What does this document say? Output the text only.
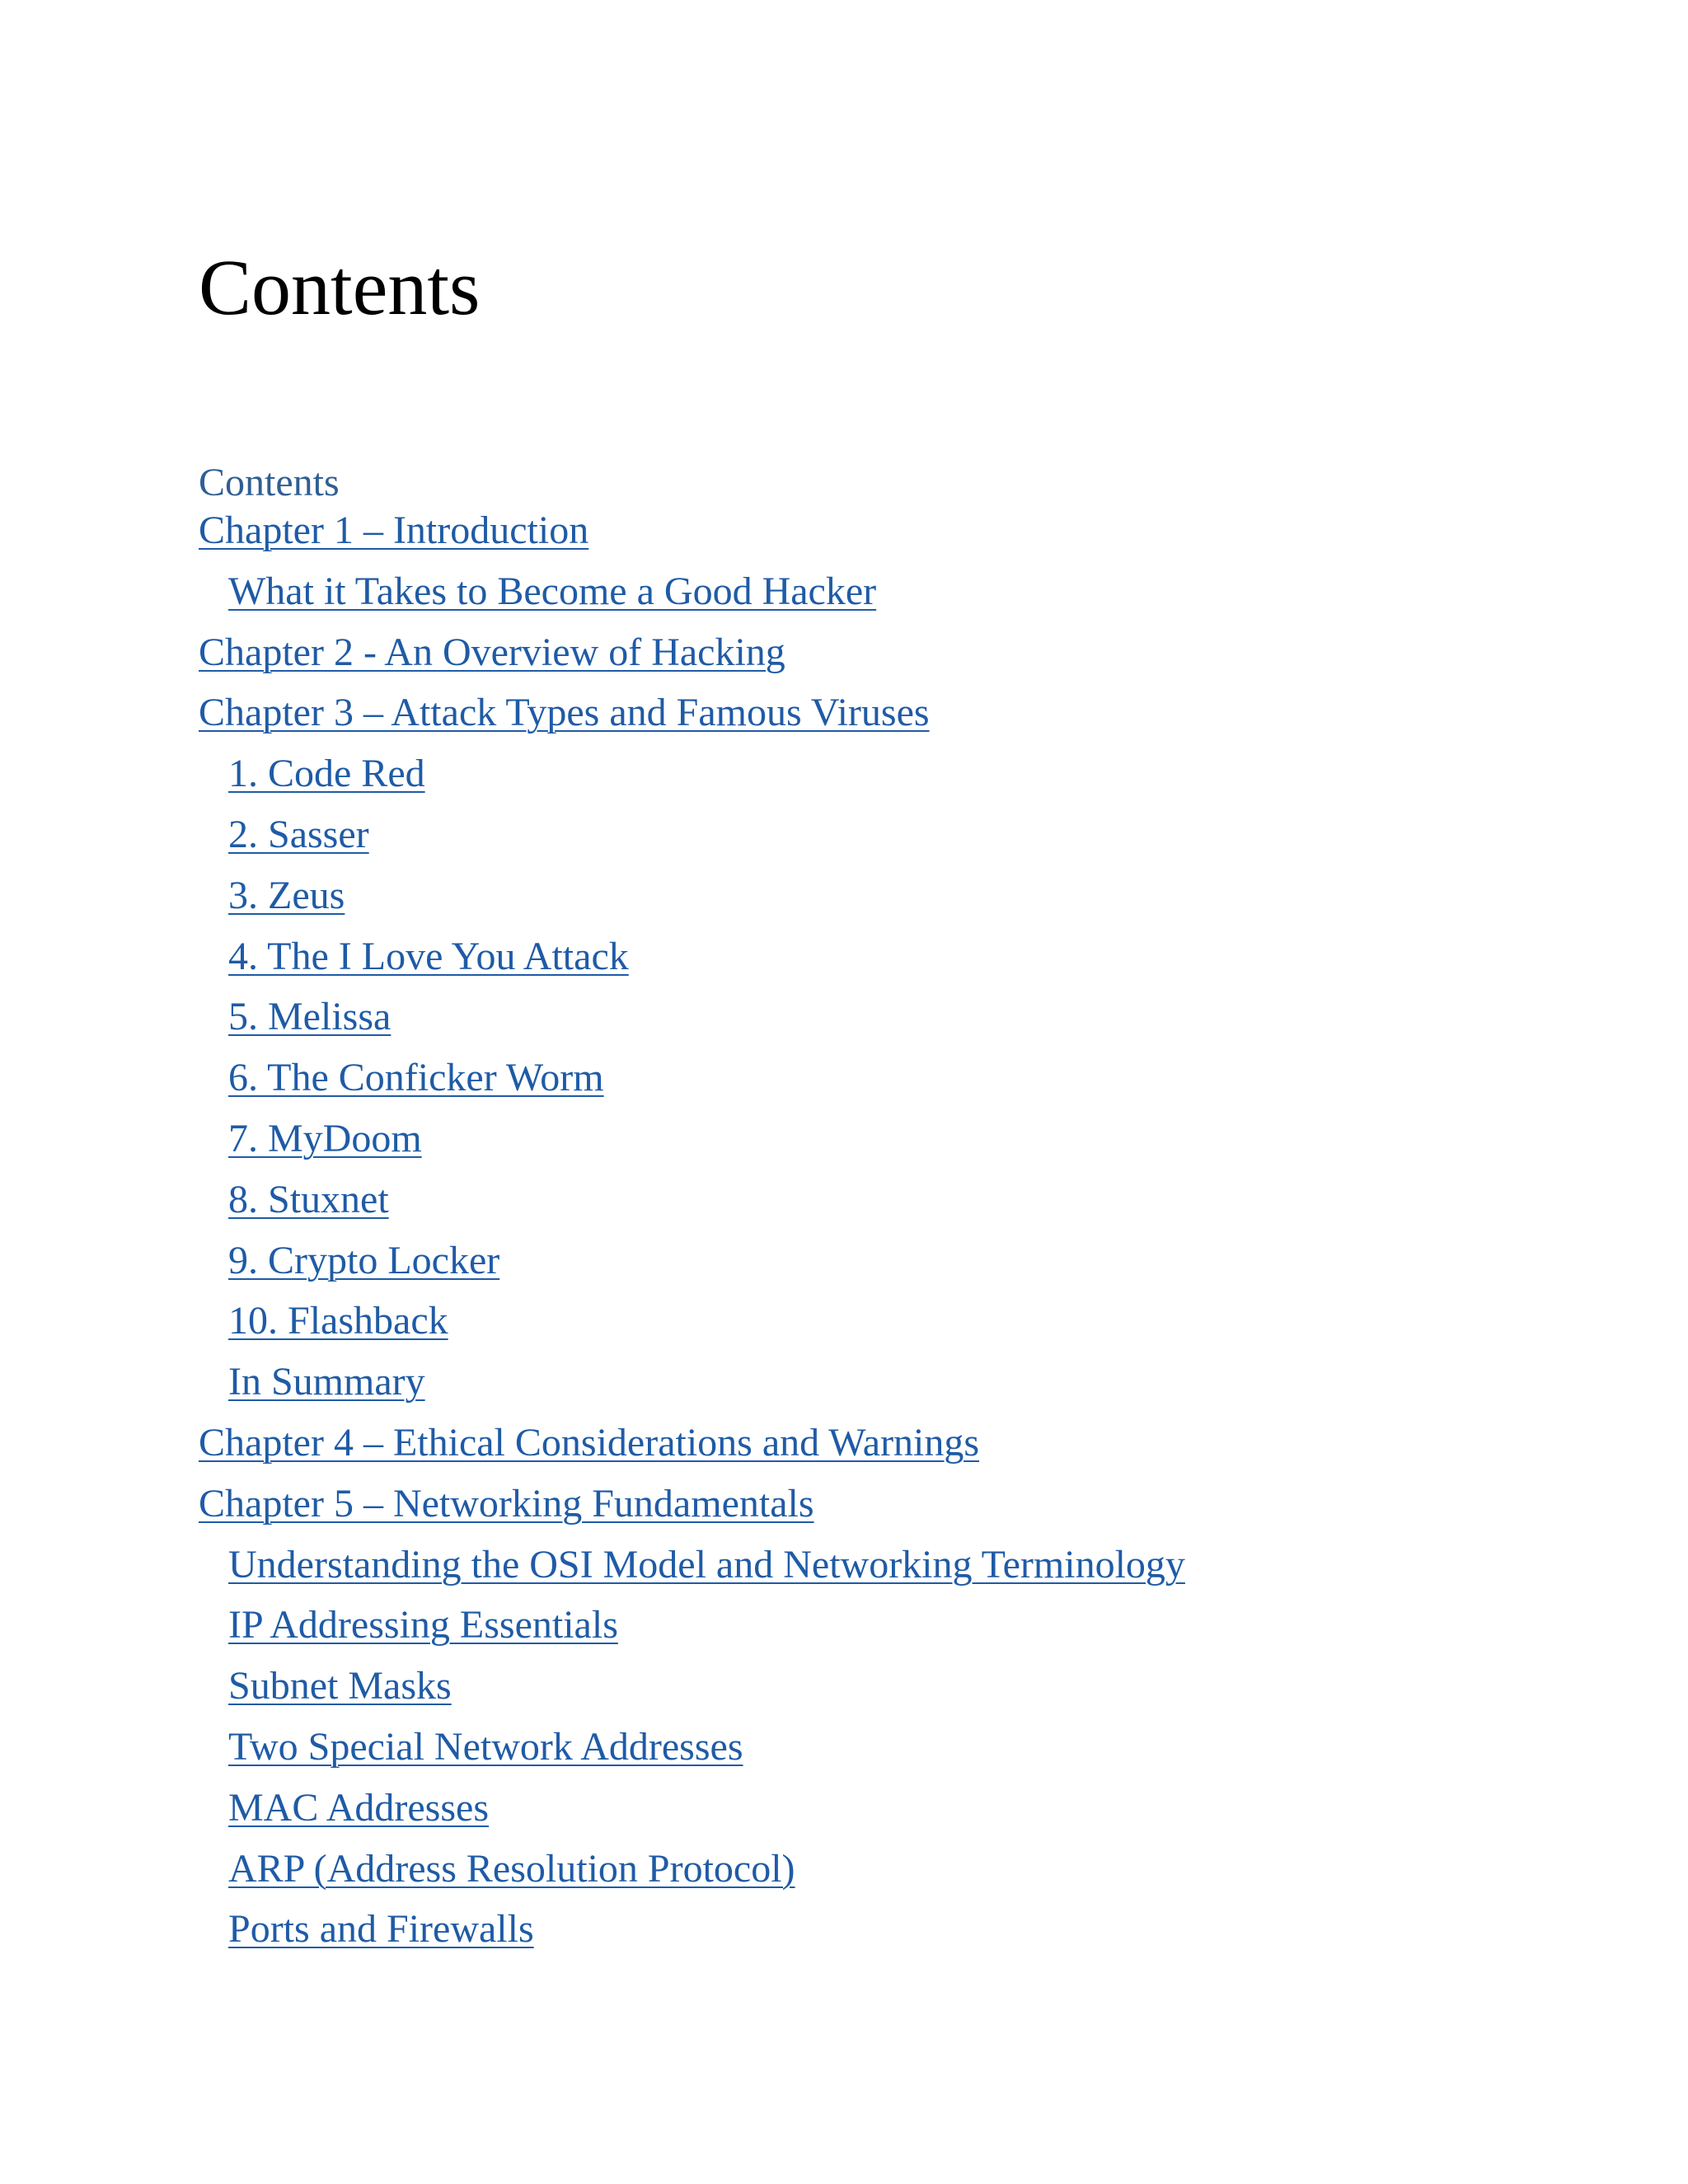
Contents
Contents
Chapter 1 – Introduction
What it Takes to Become a Good Hacker
Chapter 2 - An Overview of Hacking
Chapter 3 – Attack Types and Famous Viruses
1. Code Red
2. Sasser
3. Zeus
4. The I Love You Attack
5. Melissa
6. The Conficker Worm
7. MyDoom
8. Stuxnet
9. Crypto Locker
10. Flashback
In Summary
Chapter 4 – Ethical Considerations and Warnings
Chapter 5 – Networking Fundamentals
Understanding the OSI Model and Networking Terminology
IP Addressing Essentials
Subnet Masks
Two Special Network Addresses
MAC Addresses
ARP (Address Resolution Protocol)
Ports and Firewalls
